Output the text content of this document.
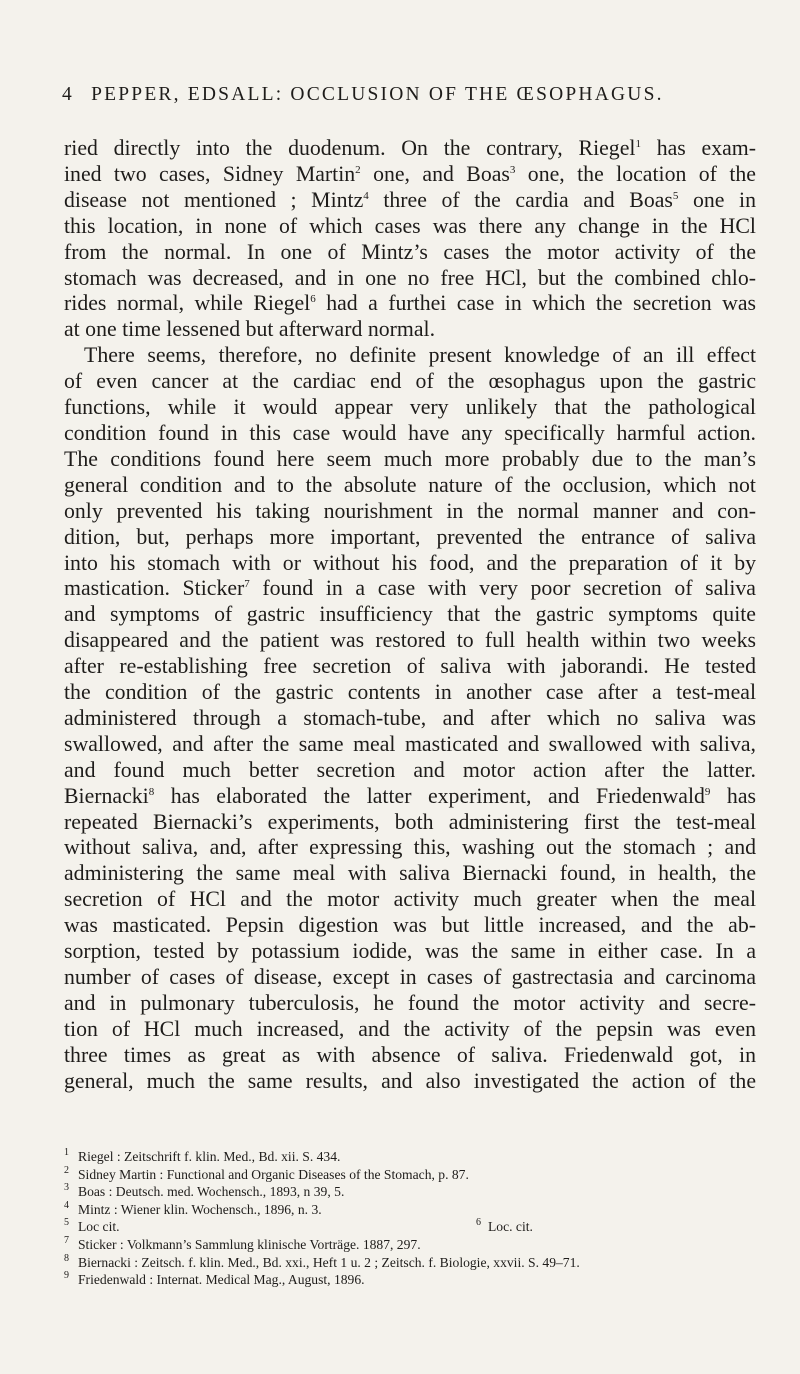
4 PEPPER, EDSALL: OCCLUSION OF THE ŒSOPHAGUS.

ried directly into the duodenum. On the contrary, Riegel$^1$ has exam-
ined two cases, Sidney Martin$^2$ one, and Boas$^3$ one, the location of the
disease not mentioned ; Mintz$^4$ three of the cardia and Boas$^5$ one in
this location, in none of which cases was there any change in the HCl
from the normal. In one of Mintz’s cases the motor activity of the
stomach was decreased, and in one no free HCl, but the combined chlo-
rides normal, while Riegel$^6$ had a furthei case in which the secretion was
at one time lessened but afterward normal.

There seems, therefore, no definite present knowledge of an ill effect
of even cancer at the cardiac end of the œsophagus upon the gastric
functions, while it would appear very unlikely that the pathological
condition found in this case would have any specifically harmful action.
The conditions found here seem much more probably due to the man’s
general condition and to the absolute nature of the occlusion, which not
only prevented his taking nourishment in the normal manner and con-
dition, but, perhaps more important, prevented the entrance of saliva
into his stomach with or without his food, and the preparation of it by
mastication. Sticker$^7$ found in a case with very poor secretion of saliva
and symptoms of gastric insufficiency that the gastric symptoms quite
disappeared and the patient was restored to full health within two weeks
after re-establishing free secretion of saliva with jaborandi. He tested
the condition of the gastric contents in another case after a test-meal
administered through a stomach-tube, and after which no saliva was
swallowed, and after the same meal masticated and swallowed with saliva,
and found much better secretion and motor action after the latter.
Biernacki$^8$ has elaborated the latter experiment, and Friedenwald$^9$ has
repeated Biernacki’s experiments, both administering first the test-meal
without saliva, and, after expressing this, washing out the stomach ; and
administering the same meal with saliva Biernacki found, in health, the
secretion of HCl and the motor activity much greater when the meal
was masticated. Pepsin digestion was but little increased, and the ab-
sorption, tested by potassium iodide, was the same in either case. In a
number of cases of disease, except in cases of gastrectasia and carcinoma
and in pulmonary tuberculosis, he found the motor activity and secre-
tion of HCl much increased, and the activity of the pepsin was even
three times as great as with absence of saliva. Friedenwald got, in
general, much the same results, and also investigated the action of the

1 Riegel : Zeitschrift f. klin. Med., Bd. xii. S. 434.
2 Sidney Martin : Functional and Organic Diseases of the Stomach, p. 87.
3 Boas : Deutsch. med. Wochensch., 1893, n 39, 5.
4 Mintz : Wiener klin. Wochensch., 1896, n. 3.
5 Loc cit.	6 Loc. cit.
7 Sticker : Volkmann’s Sammlung klinische Vorträge. 1887, 297.
8 Biernacki : Zeitsch. f. klin. Med., Bd. xxi., Heft 1 u. 2 ; Zeitsch. f. Biologie, xxvii. S. 49–71.
9 Friedenwald : Internat. Medical Mag., August, 1896.
